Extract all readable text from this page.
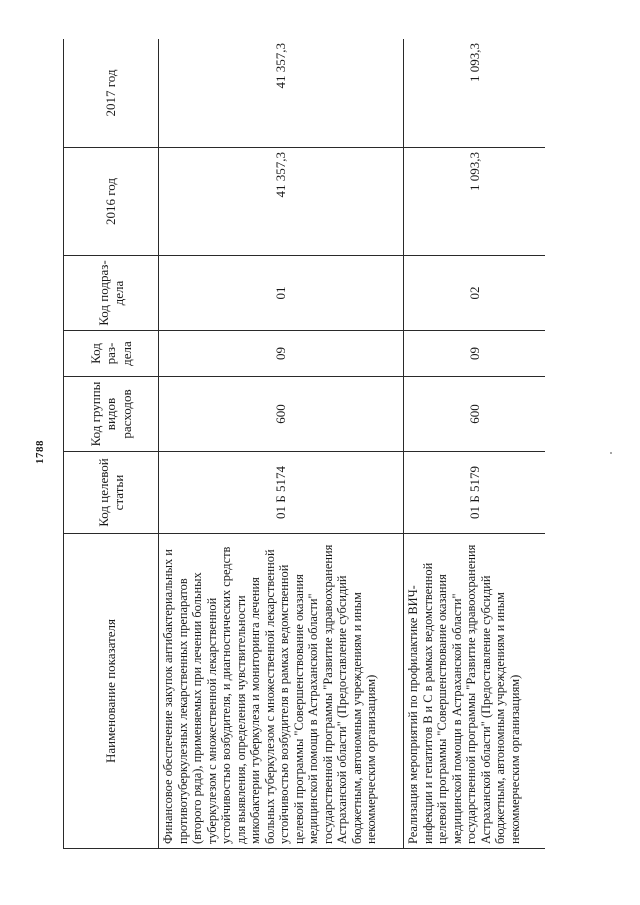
1788
Наименование показателя	Код целевой статьи	Код группы видов расходов	Код раз-дела	Код подраз-дела	2016 год	2017 год
Финансовое обеспечение закупок антибактериальных и противотуберкулезных лекарственных препаратов (второго ряда), применяемых при лечении больных туберкулезом с множественной лекарственной устойчивостью возбудителя, и диагностических средств для выявления, определения чувствительности микобактерии туберкулеза и мониторинга лечения больных туберкулезом с множественной лекарственной устойчивостью возбудителя в рамках ведомственной целевой программы "Совершенствование оказания медицинской помощи в Астраханской области" государственной программы "Развитие здравоохранения Астраханской области" (Предоставление субсидий бюджетным, автономным учреждениям и иным некоммерческим организациям)	01 Б 5174	600	09	01	41 357,3	41 357,3
Реализация мероприятий по профилактике ВИЧ-инфекции и гепатитов В и С в рамках ведомственной целевой программы "Совершенствование оказания медицинской помощи в Астраханской области" государственной программы "Развитие здравоохранения Астраханской области" (Предоставление субсидий бюджетным, автономным учреждениям и иным некоммерческим организациям)	01 Б 5179	600	09	02	1 093,3	1 093,3
